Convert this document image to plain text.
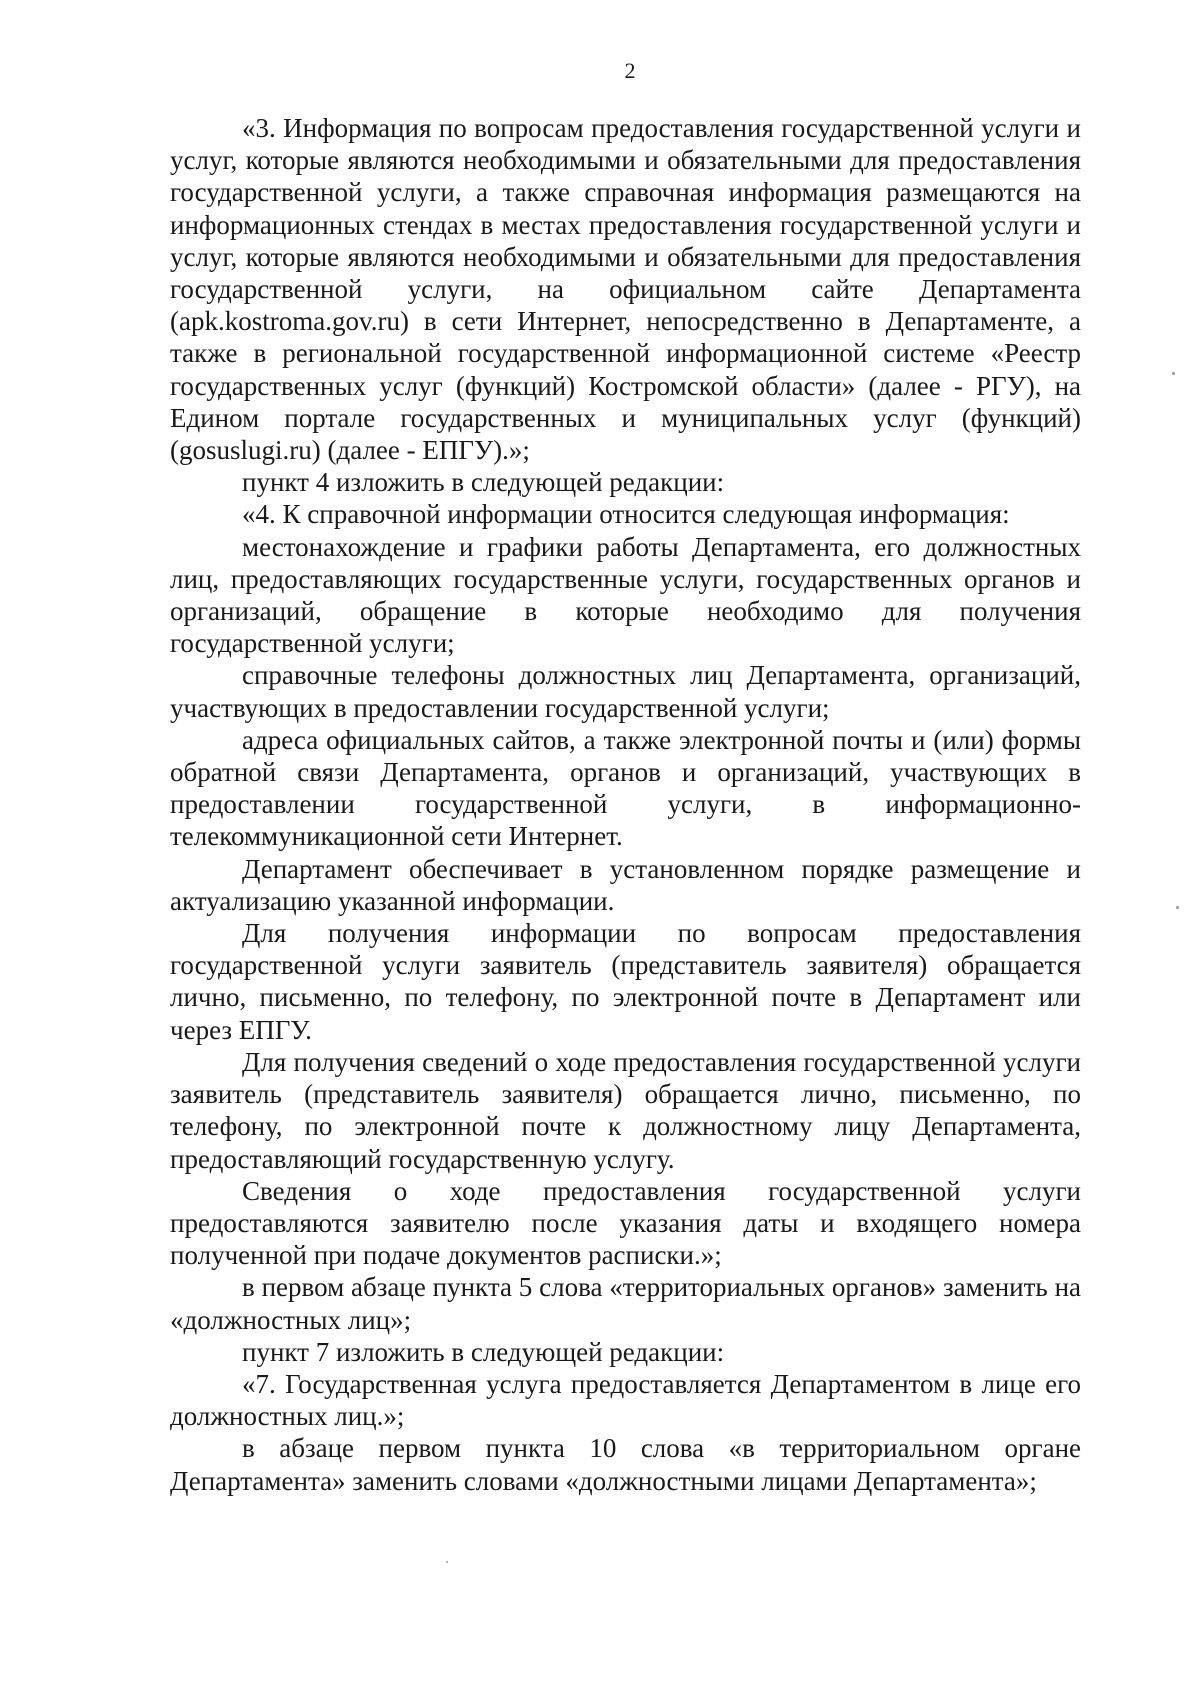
2

«3. Информация по вопросам предоставления государственной услуги и услуг, которые являются необходимыми и обязательными для предоставления государственной услуги, а также справочная информация размещаются на информационных стендах в местах предоставления государственной услуги и услуг, которые являются необходимыми и обязательными для предоставления государственной услуги, на официальном сайте Департамента (apk.kostroma.gov.ru) в сети Интернет, непосредственно в Департаменте, а также в региональной государственной информационной системе «Реестр государственных услуг (функций) Костромской области» (далее - РГУ), на Едином портале государственных и муниципальных услуг (функций) (gosuslugi.ru) (далее - ЕПГУ).»;

пункт 4 изложить в следующей редакции:

«4. К справочной информации относится следующая информация:

местонахождение и графики работы Департамента, его должностных лиц, предоставляющих государственные услуги, государственных органов и организаций, обращение в которые необходимо для получения государственной услуги;

справочные телефоны должностных лиц Департамента, организаций, участвующих в предоставлении государственной услуги;

адреса официальных сайтов, а также электронной почты и (или) формы обратной связи Департамента, органов и организаций, участвующих в предоставлении государственной услуги, в информационно-телекоммуникационной сети Интернет.

Департамент обеспечивает в установленном порядке размещение и актуализацию указанной информации.

Для получения информации по вопросам предоставления государственной услуги заявитель (представитель заявителя) обращается лично, письменно, по телефону, по электронной почте в Департамент или через ЕПГУ.

Для получения сведений о ходе предоставления государственной услуги заявитель (представитель заявителя) обращается лично, письменно, по телефону, по электронной почте к должностному лицу Департамента, предоставляющий государственную услугу.

Сведения о ходе предоставления государственной услуги предоставляются заявителю после указания даты и входящего номера полученной при подаче документов расписки.»;

в первом абзаце пункта 5 слова «территориальных органов» заменить на «должностных лиц»;

пункт 7 изложить в следующей редакции:

«7. Государственная услуга предоставляется Департаментом в лице его должностных лиц.»;

в абзаце первом пункта 10 слова «в территориальном органе Департамента» заменить словами «должностными лицами Департамента»;
